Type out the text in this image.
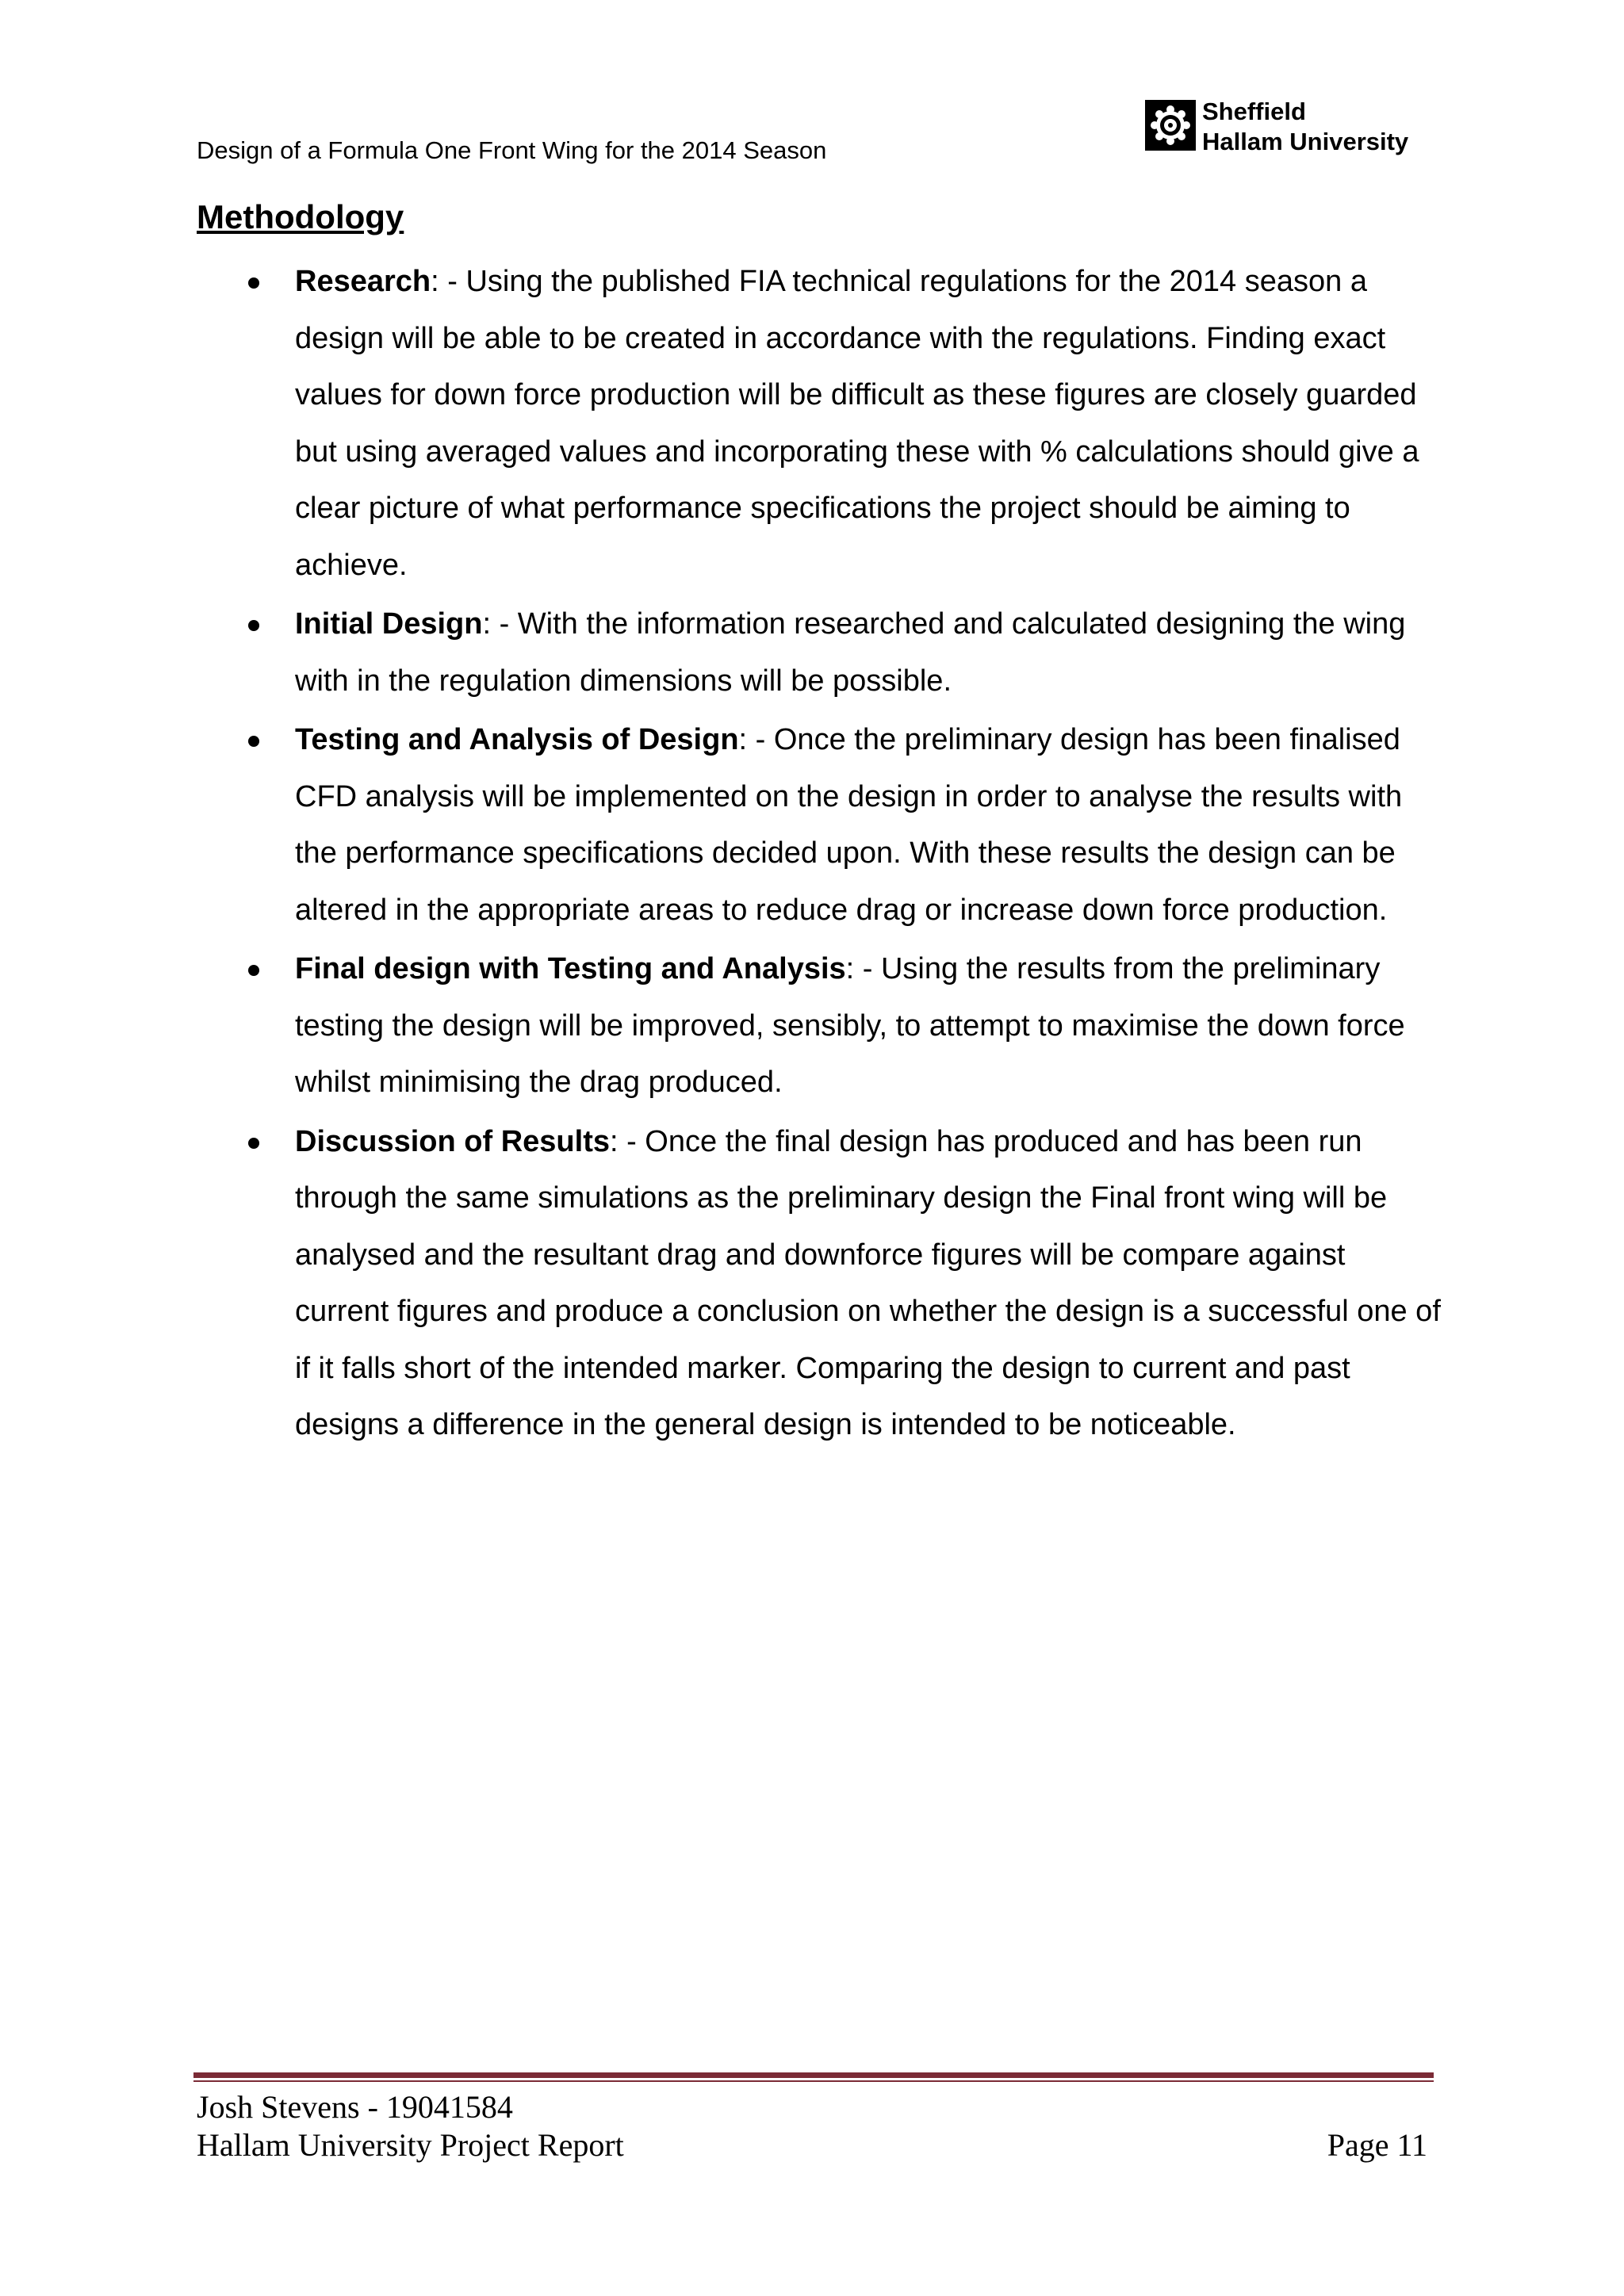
Design of a Formula One Front Wing for the 2014 Season
Sheffield
Hallam University
Methodology
Research: - Using the published FIA technical regulations for the 2014 season a design will be able to be created in accordance with the regulations. Finding exact values for down force production will be difficult as these figures are closely guarded but using averaged values and incorporating these with % calculations should give a clear picture of what performance specifications the project should be aiming to achieve.
Initial Design: - With the information researched and calculated designing the wing with in the regulation dimensions will be possible.
Testing and Analysis of Design: - Once the preliminary design has been finalised CFD analysis will be implemented on the design in order to analyse the results with the performance specifications decided upon. With these results the design can be altered in the appropriate areas to reduce drag or increase down force production.
Final design with Testing and Analysis: - Using the results from the preliminary testing the design will be improved, sensibly, to attempt to maximise the down force whilst minimising the drag produced.
Discussion of Results: - Once the final design has produced and has been run through the same simulations as the preliminary design the Final front wing will be analysed and the resultant drag and downforce figures will be compare against current figures and produce a conclusion on whether the design is a successful one of if it falls short of the intended marker. Comparing the design to current and past designs a difference in the general design is intended to be noticeable.
Josh Stevens - 19041584
Hallam University Project Report	Page 11
